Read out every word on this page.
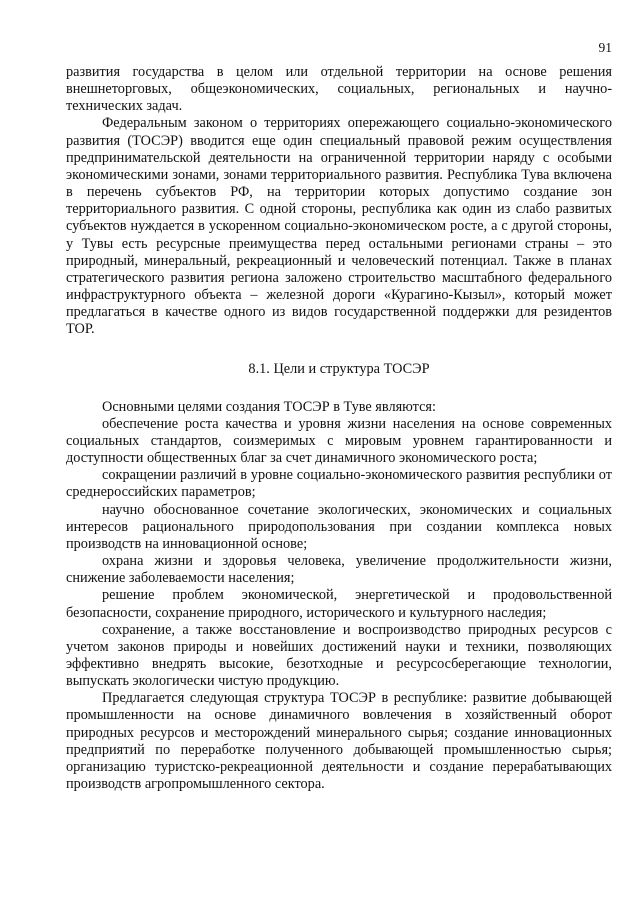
91

развития государства в целом или отдельной территории на основе решения внешнеторговых, общеэкономических, социальных, региональных и научно-технических задач.

Федеральным законом о территориях опережающего социально-экономического развития (ТОСЭР) вводится еще один специальный правовой режим осуществления предпринимательской деятельности на ограниченной территории наряду с особыми экономическими зонами, зонами территориального развития. Республика Тува включена в перечень субъектов РФ, на территории которых допустимо создание зон территориального развития. С одной стороны, республика как один из слабо развитых субъектов нуждается в ускоренном социально-экономическом росте, а с другой стороны, у Тувы есть ресурсные преимущества перед остальными регионами страны – это природный, минеральный, рекреационный и человеческий потенциал. Также в планах стратегического развития региона заложено строительство масштабного федерального инфраструктурного объекта – железной дороги «Курагино-Кызыл», который может предлагаться в качестве одного из видов государственной поддержки для резидентов ТОР.

8.1. Цели и структура ТОСЭР

Основными целями создания ТОСЭР в Туве являются:

обеспечение роста качества и уровня жизни населения на основе современных социальных стандартов, соизмеримых с мировым уровнем гарантированности и доступности общественных благ за счет динамичного экономического роста;

сокращении различий в уровне социально-экономического развития республики от среднероссийских параметров;

научно обоснованное сочетание экологических, экономических и социальных интересов рационального природопользования при создании комплекса новых производств на инновационной основе;

охрана жизни и здоровья человека, увеличение продолжительности жизни, снижение заболеваемости населения;

решение проблем экономической, энергетической и продовольственной безопасности, сохранение природного, исторического и культурного наследия;

сохранение, а также восстановление и воспроизводство природных ресурсов с учетом законов природы и новейших достижений науки и техники, позволяющих эффективно внедрять высокие, безотходные и ресурсосберегающие технологии, выпускать экологически чистую продукцию.

Предлагается следующая структура ТОСЭР в республике: развитие добывающей промышленности на основе динамичного вовлечения в хозяйственный оборот природных ресурсов и месторождений минерального сырья; создание инновационных предприятий по переработке полученного добывающей промышленностью сырья; организацию туристско-рекреационной деятельности и создание перерабатывающих производств агропромышленного сектора.
